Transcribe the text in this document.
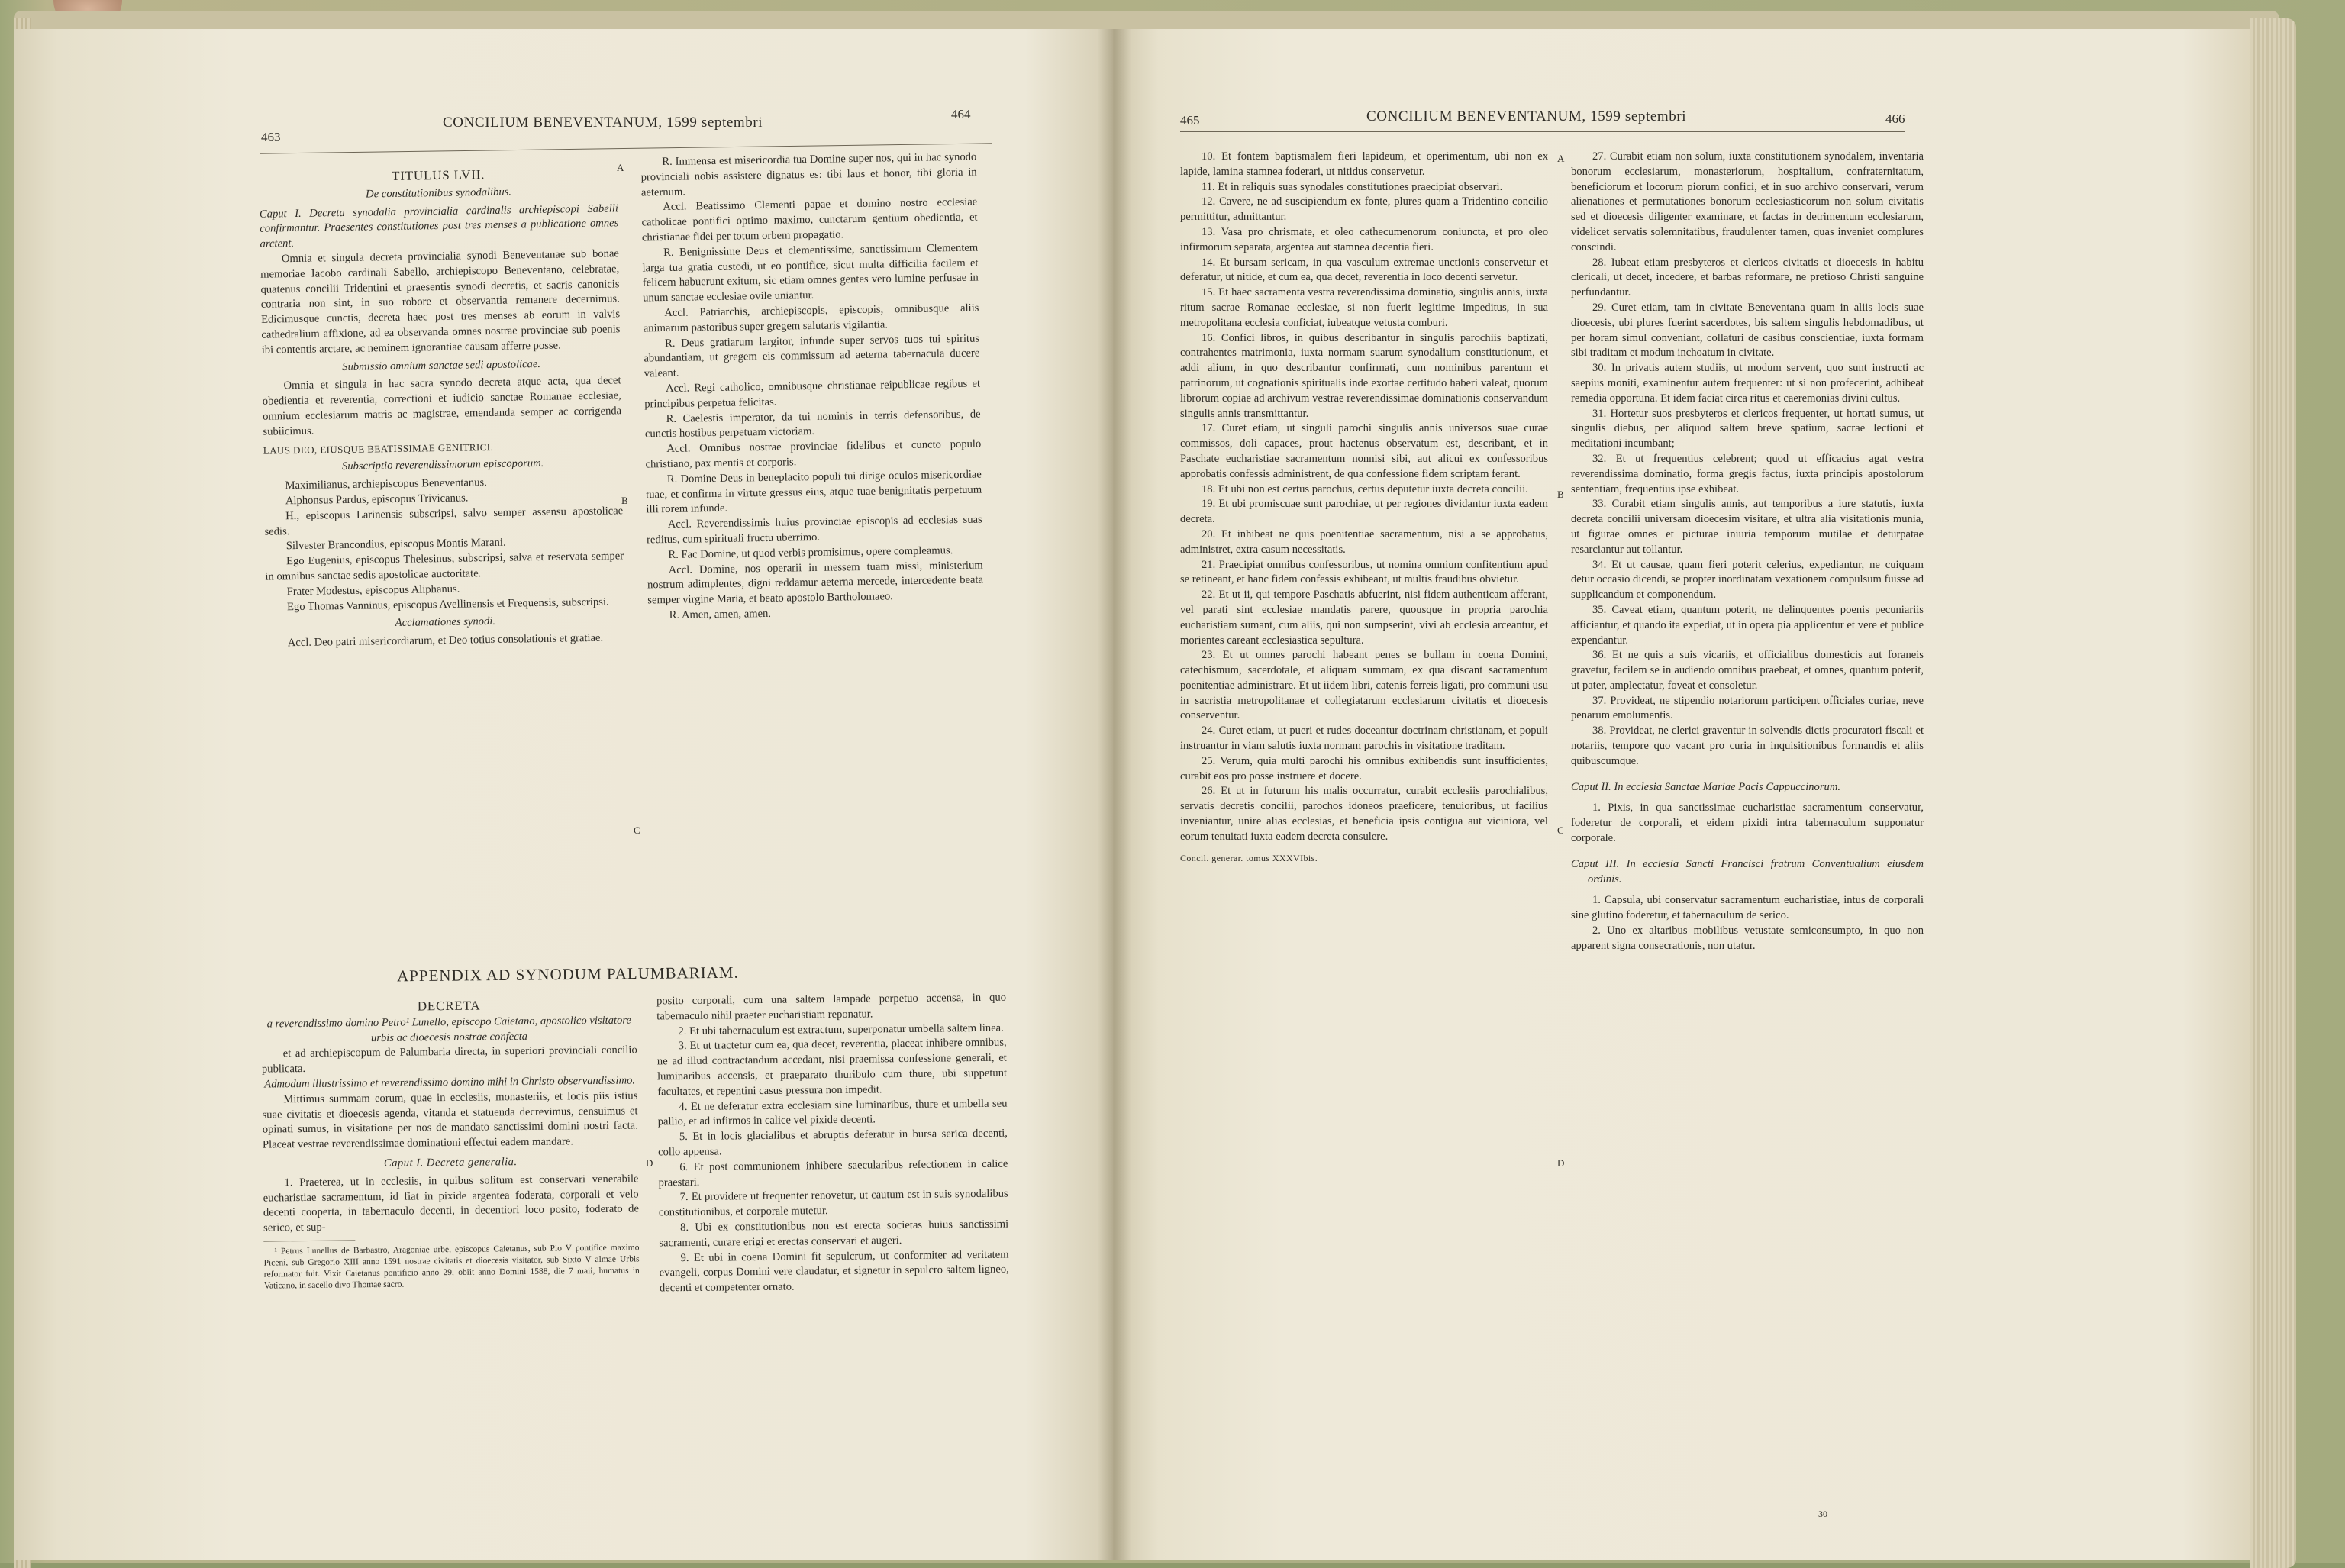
463
CONCILIUM BENEVENTANUM, 1599 septembri
464	465	CONCILIUM BENEVENTANUM, 1599 septembri	466
A
B
C
D
A
B
C
D
TITULUS LVII.
De constitutionibus synodalibus.

Caput I. Decreta synodalia provincialia cardinalis archiepiscopi Sabelli confirmantur. Praesentes constitutiones post tres menses a publicatione omnes arctent.

Omnia et singula decreta provincialia synodi Beneventanae sub bonae memoriae Iacobo cardinali Sabello, archiepiscopo Beneventano, celebratae, quatenus concilii Tridentini et praesentis synodi decretis, et sacris canonicis contraria non sint, in suo robore et observantia remanere decernimus. Edicimusque cunctis, decreta haec post tres menses ab eorum in valvis cathedralium affixione, ad ea observanda omnes nostrae provinciae sub poenis ibi contentis arctare, ac neminem ignorantiae causam afferre posse.

Submissio omnium sanctae sedi apostolicae.

Omnia et singula in hac sacra synodo decreta atque acta, qua decet obedientia et reverentia, correctioni et iudicio sanctae Romanae ecclesiae, omnium ecclesiarum matris ac magistrae, emendanda semper ac corrigenda subiicimus.

LAUS DEO, EIUSQUE BEATISSIMAE GENITRICI.

Subscriptio reverendissimorum episcoporum.

Maximilianus, archiepiscopus Beneventanus.

Alphonsus Pardus, episcopus Trivicanus.

H., episcopus Larinensis subscripsi, salvo semper assensu apostolicae sedis.

Silvester Brancondius, episcopus Montis Marani.

Ego Eugenius, episcopus Thelesinus, subscripsi, salva et reservata semper in omnibus sanctae sedis apostolicae auctoritate.

Frater Modestus, episcopus Aliphanus.

Ego Thomas Vanninus, episcopus Avellinensis et Frequensis, subscripsi.

Acclamationes synodi.

Accl. Deo patri misericordiarum, et Deo totius consolationis et gratiae.

R. Immensa est misericordia tua Domine super nos, qui in hac synodo provinciali nobis assistere dignatus es: tibi laus et honor, tibi gloria in aeternum.

Accl. Beatissimo Clementi papae et domino nostro ecclesiae catholicae pontifici optimo maximo, cunctarum gentium obedientia, et christianae fidei per totum orbem propagatio.

R. Benignissime Deus et clementissime, sanctissimum Clementem larga tua gratia custodi, ut eo pontifice, sicut multa difficilia facilem et felicem habuerunt exitum, sic etiam omnes gentes vero lumine perfusae in unum sanctae ecclesiae ovile uniantur.

Accl. Patriarchis, archiepiscopis, episcopis, omnibusque aliis animarum pastoribus super gregem salutaris vigilantia.

R. Deus gratiarum largitor, infunde super servos tuos tui spiritus abundantiam, ut gregem eis commissum ad aeterna tabernacula ducere valeant.

Accl. Regi catholico, omnibusque christianae reipublicae regibus et principibus perpetua felicitas.

R. Caelestis imperator, da tui nominis in terris defensoribus, de cunctis hostibus perpetuam victoriam.

Accl. Omnibus nostrae provinciae fidelibus et cuncto populo christiano, pax mentis et corporis.

R. Domine Deus in beneplacito populi tui dirige oculos misericordiae tuae, et confirma in virtute gressus eius, atque tuae benignitatis perpetuum illi rorem infunde.

Accl. Reverendissimis huius provinciae episcopis ad ecclesias suas reditus, cum spirituali fructu uberrimo.

R. Fac Domine, ut quod verbis promisimus, opere compleamus.

Accl. Domine, nos operarii in messem tuam missi, ministerium nostrum adimplentes, digni reddamur aeterna mercede, intercedente beata semper virgine Maria, et beato apostolo Bartholomaeo.

R. Amen, amen, amen.

APPENDIX AD SYNODUM PALUMBARIAM.
DECRETA

a reverendissimo domino Petro¹ Lunello, episcopo Caietano, apostolico visitatore urbis ac dioecesis nostrae confecta

et ad archiepiscopum de Palumbaria directa, in superiori provinciali concilio publicata.

Admodum illustrissimo et reverendissimo domino mihi in Christo observandissimo.

Mittimus summam eorum, quae in ecclesiis, monasteriis, et locis piis istius suae civitatis et dioecesis agenda, vitanda et statuenda decrevimus, censuimus et opinati sumus, in visitatione per nos de mandato sanctissimi domini nostri facta. Placeat vestrae reverendissimae dominationi effectui eadem mandare.

Caput I. Decreta generalia.

1. Praeterea, ut in ecclesiis, in quibus solitum est conservari venerabile eucharistiae sacramentum, id fiat in pixide argentea foderata, corporali et velo decenti cooperta, in tabernaculo decenti, in decentiori loco posito, foderato de serico, et sup-

¹ Petrus Lunellus de Barbastro, Aragoniae urbe, episcopus Caietanus, sub Pio V pontifice maximo Piceni, sub Gregorio XIII anno 1591 nostrae civitatis et dioecesis visitator, sub Sixto V almae Urbis reformator fuit. Vixit Caietanus pontificio anno 29, obiit anno Domini 1588, die 7 maii, humatus in Vaticano, in sacello divo Thomae sacro.

posito corporali, cum una saltem lampade perpetuo accensa, in quo tabernaculo nihil praeter eucharistiam reponatur.

2. Et ubi tabernaculum est extractum, superponatur umbella saltem linea.

3. Et ut tractetur cum ea, qua decet, reverentia, placeat inhibere omnibus, ne ad illud contractandum accedant, nisi praemissa confessione generali, et luminaribus accensis, et praeparato thuribulo cum thure, ubi suppetunt facultates, et repentini casus pressura non impedit.

4. Et ne deferatur extra ecclesiam sine luminaribus, thure et umbella seu pallio, et ad infirmos in calice vel pixide decenti.

5. Et in locis glacialibus et abruptis deferatur in bursa serica decenti, collo appensa.

6. Et post communionem inhibere saecularibus refectionem in calice praestari.

7. Et providere ut frequenter renovetur, ut cautum est in suis synodalibus constitutionibus, et corporale mutetur.

8. Ubi ex constitutionibus non est erecta societas huius sanctissimi sacramenti, curare erigi et erectas conservari et augeri.

9. Et ubi in coena Domini fit sepulcrum, ut conformiter ad veritatem evangeli, corpus Domini vere claudatur, et signetur in sepulcro saltem ligneo, decenti et competenter ornato.

10. Et fontem baptismalem fieri lapideum, et operimentum, ubi non ex lapide, lamina stamnea foderari, ut nitidus conservetur.

11. Et in reliquis suas synodales constitutiones praecipiat observari.

12. Cavere, ne ad suscipiendum ex fonte, plures quam a Tridentino concilio permittitur, admittantur.

13. Vasa pro chrismate, et oleo cathecumenorum coniuncta, et pro oleo infirmorum separata, argentea aut stamnea decentia fieri.

14. Et bursam sericam, in qua vasculum extremae unctionis conservetur et deferatur, ut nitide, et cum ea, qua decet, reverentia in loco decenti servetur.

15. Et haec sacramenta vestra reverendissima dominatio, singulis annis, iuxta ritum sacrae Romanae ecclesiae, si non fuerit legitime impeditus, in sua metropolitana ecclesia conficiat, iubeatque vetusta comburi.

16. Confici libros, in quibus describantur in singulis parochiis baptizati, contrahentes matrimonia, iuxta normam suarum synodalium constitutionum, et addi alium, in quo describantur confirmati, cum nominibus parentum et patrinorum, ut cognationis spiritualis inde exortae certitudo haberi valeat, quorum librorum copiae ad archivum vestrae reverendissimae dominationis conservandum singulis annis transmittantur.

17. Curet etiam, ut singuli parochi singulis annis universos suae curae commissos, doli capaces, prout hactenus observatum est, describant, et in Paschate eucharistiae sacramentum nonnisi sibi, aut alicui ex confessoribus approbatis confessis administrent, de qua confessione fidem scriptam ferant.

18. Et ubi non est certus parochus, certus deputetur iuxta decreta concilii.

19. Et ubi promiscuae sunt parochiae, ut per regiones dividantur iuxta eadem decreta.

20. Et inhibeat ne quis poenitentiae sacramentum, nisi a se approbatus, administret, extra casum necessitatis.

21. Praecipiat omnibus confessoribus, ut nomina omnium confitentium apud se retineant, et hanc fidem confessis exhibeant, ut multis fraudibus obvietur.

22. Et ut ii, qui tempore Paschatis abfuerint, nisi fidem authenticam afferant, vel parati sint ecclesiae mandatis parere, quousque in propria parochia eucharistiam sumant, cum aliis, qui non sumpserint, vivi ab ecclesia arceantur, et morientes careant ecclesiastica sepultura.

23. Et ut omnes parochi habeant penes se bullam in coena Domini, catechismum, sacerdotale, et aliquam summam, ex qua discant sacramentum poenitentiae administrare. Et ut iidem libri, catenis ferreis ligati, pro communi usu in sacristia metropolitanae et collegiatarum ecclesiarum civitatis et dioecesis conserventur.

24. Curet etiam, ut pueri et rudes doceantur doctrinam christianam, et populi instruantur in viam salutis iuxta normam parochis in visitatione traditam.

25. Verum, quia multi parochi his omnibus exhibendis sunt insufficientes, curabit eos pro posse instruere et docere.

26. Et ut in futurum his malis occurratur, curabit ecclesiis parochialibus, servatis decretis concilii, parochos idoneos praeficere, tenuioribus, ut facilius inveniantur, unire alias ecclesias, et beneficia ipsis contigua aut viciniora, vel eorum tenuitati iuxta eadem decreta consulere.

Concil. generar. tomus XXXVIbis.

27. Curabit etiam non solum, iuxta constitutionem synodalem, inventaria bonorum ecclesiarum, monasteriorum, hospitalium, confraternitatum, beneficiorum et locorum piorum confici, et in suo archivo conservari, verum alienationes et permutationes bonorum ecclesiasticorum non solum civitatis sed et dioecesis diligenter examinare, et factas in detrimentum ecclesiarum, videlicet servatis solemnitatibus, fraudulenter tamen, quas inveniet complures conscindi.

28. Iubeat etiam presbyteros et clericos civitatis et dioecesis in habitu clericali, ut decet, incedere, et barbas reformare, ne pretioso Christi sanguine perfundantur.

29. Curet etiam, tam in civitate Beneventana quam in aliis locis suae dioecesis, ubi plures fuerint sacerdotes, bis saltem singulis hebdomadibus, ut per horam simul conveniant, collaturi de casibus conscientiae, iuxta formam sibi traditam et modum inchoatum in civitate.

30. In privatis autem studiis, ut modum servent, quo sunt instructi ac saepius moniti, examinentur autem frequenter: ut si non profecerint, adhibeat remedia opportuna. Et idem faciat circa ritus et caeremonias divini cultus.

31. Hortetur suos presbyteros et clericos frequenter, ut hortati sumus, ut singulis diebus, per aliquod saltem breve spatium, sacrae lectioni et meditationi incumbant;

32. Et ut frequentius celebrent; quod ut efficacius agat vestra reverendissima dominatio, forma gregis factus, iuxta principis apostolorum sententiam, frequentius ipse exhibeat.

33. Curabit etiam singulis annis, aut temporibus a iure statutis, iuxta decreta concilii universam dioecesim visitare, et ultra alia visitationis munia, ut figurae omnes et picturae iniuria temporum mutilae et deturpatae resarciantur aut tollantur.

34. Et ut causae, quam fieri poterit celerius, expediantur, ne cuiquam detur occasio dicendi, se propter inordinatam vexationem compulsum fuisse ad supplicandum et componendum.

35. Caveat etiam, quantum poterit, ne delinquentes poenis pecuniariis afficiantur, et quando ita expediat, ut in opera pia applicentur et vere et publice expendantur.

36. Et ne quis a suis vicariis, et officialibus domesticis aut foraneis gravetur, facilem se in audiendo omnibus praebeat, et omnes, quantum poterit, ut pater, amplectatur, foveat et consoletur.

37. Provideat, ne stipendio notariorum participent officiales curiae, neve penarum emolumentis.

38. Provideat, ne clerici graventur in solvendis dictis procuratori fiscali et notariis, tempore quo vacant pro curia in inquisitionibus formandis et aliis quibuscumque.

Caput II. In ecclesia Sanctae Mariae Pacis Cappuccinorum.

1. Pixis, in qua sanctissimae eucharistiae sacramentum conservatur, foderetur de corporali, et eidem pixidi intra tabernaculum supponatur corporale.

Caput III. In ecclesia Sancti Francisci fratrum Conventualium eiusdem ordinis.

1. Capsula, ubi conservatur sacramentum eucharistiae, intus de corporali sine glutino foderetur, et tabernaculum de serico.

2. Uno ex altaribus mobilibus vetustate semiconsumpto, in quo non apparent signa consecrationis, non utatur.

30
